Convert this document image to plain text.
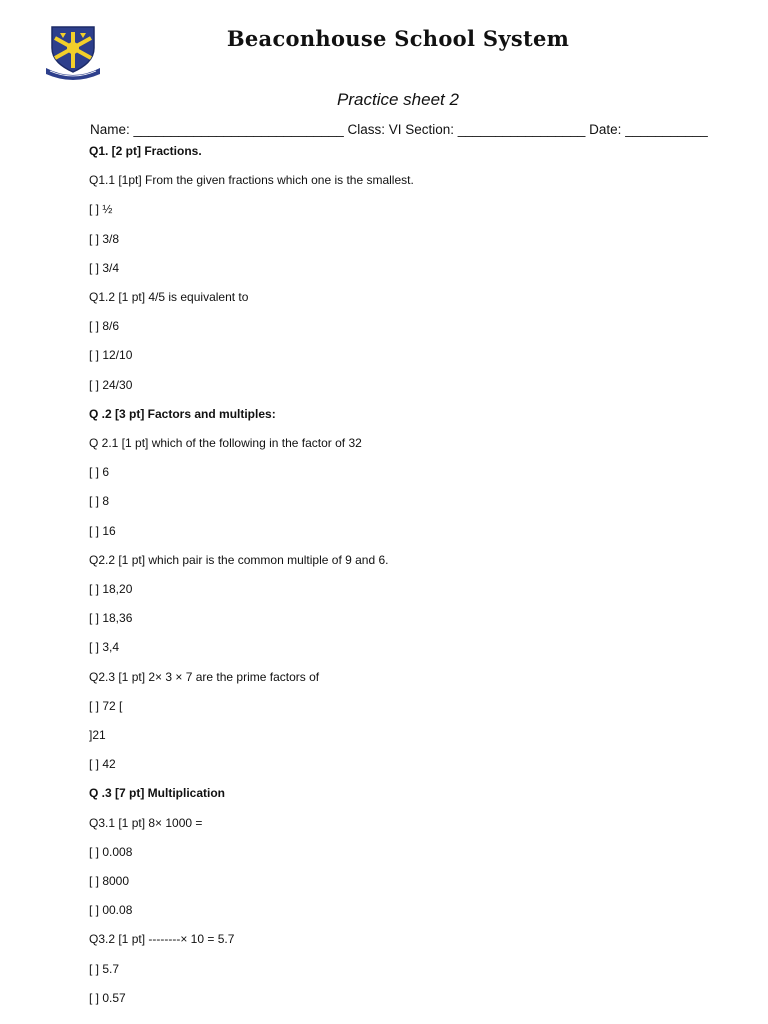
Beaconhouse School System
Practice sheet 2
Name: ____________________________ Class: VI Section: _________________ Date: ___________
Q1. [2 pt] Fractions.
Q1.1 [1pt] From the given fractions which one is the smallest.
[ ] ½
[ ] 3/8
[ ] 3/4
Q1.2 [1 pt] 4/5 is equivalent to
[ ] 8/6
[ ] 12/10
[ ] 24/30
Q .2 [3 pt] Factors and multiples:
Q 2.1 [1 pt] which of the following in the factor of 32
[ ] 6
[ ] 8
[ ] 16
Q2.2 [1 pt] which pair is the common multiple of 9 and 6.
[ ] 18,20
[ ] 18,36
[ ] 3,4
Q2.3 [1 pt] 2× 3 × 7 are the prime factors of
[ ] 72 [
]21
[ ] 42
Q .3 [7 pt] Multiplication
Q3.1 [1 pt] 8× 1000 =
[ ] 0.008
[ ] 8000
[ ] 00.08
Q3.2 [1 pt] --------× 10 = 5.7
[ ] 5.7
[ ] 0.57
